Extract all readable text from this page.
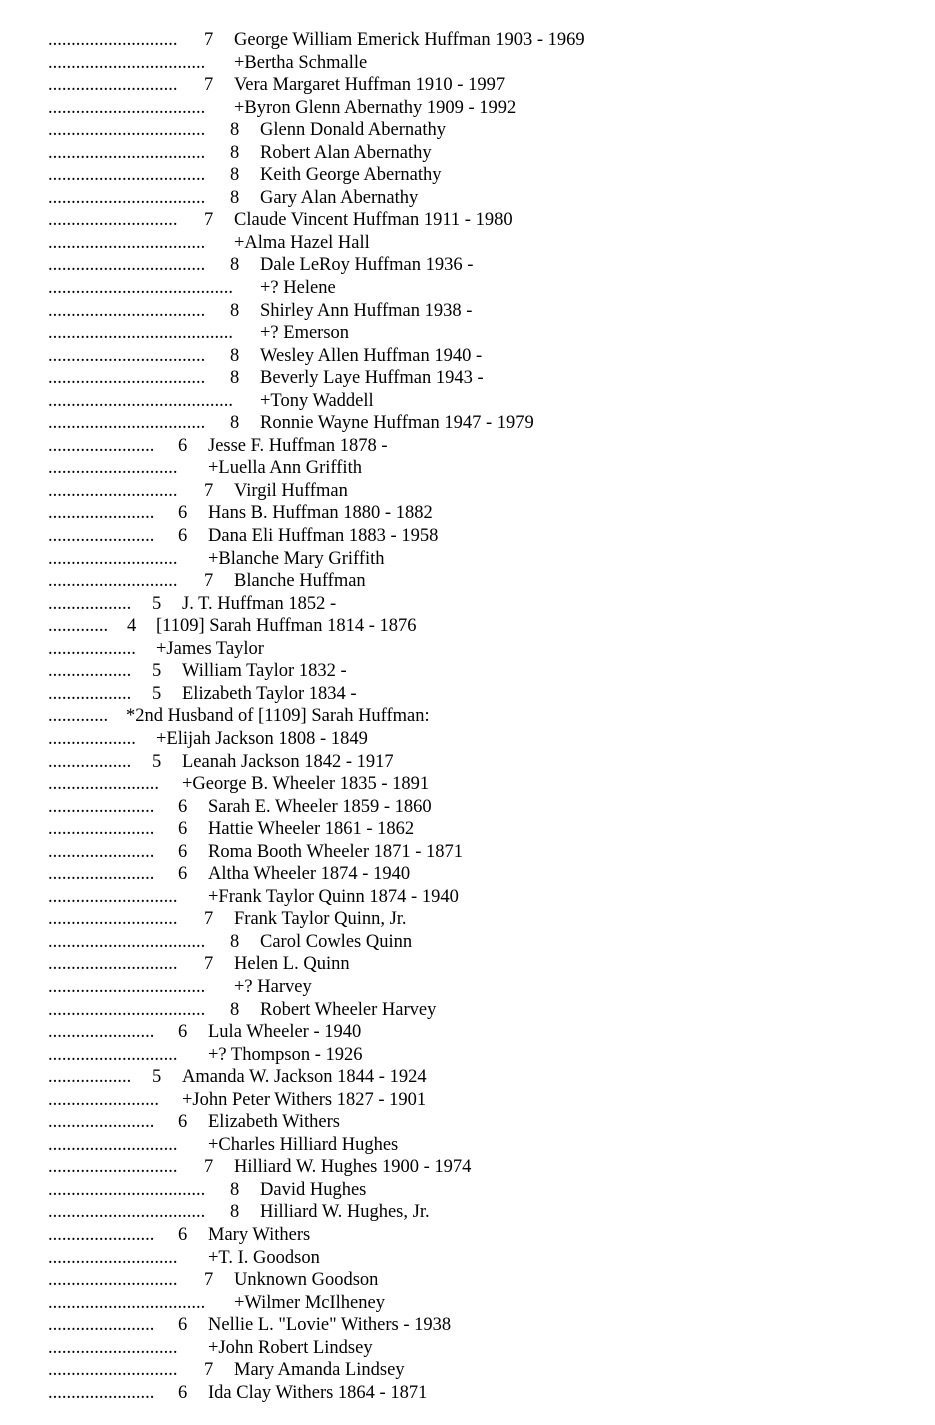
............................ 7 George William Emerick Huffman 1903 - 1969
.................................. +Bertha Schmalle
............................ 7 Vera Margaret Huffman 1910 - 1997
.................................. +Byron Glenn Abernathy 1909 - 1992
.................................. 8 Glenn Donald Abernathy
.................................. 8 Robert Alan Abernathy
.................................. 8 Keith George Abernathy
.................................. 8 Gary Alan Abernathy
............................ 7 Claude Vincent Huffman 1911 - 1980
.................................. +Alma Hazel Hall
.................................. 8 Dale LeRoy Huffman 1936 -
........................................ +? Helene
.................................. 8 Shirley Ann Huffman 1938 -
........................................ +? Emerson
.................................. 8 Wesley Allen Huffman 1940 -
.................................. 8 Beverly Laye Huffman 1943 -
........................................ +Tony Waddell
.................................. 8 Ronnie Wayne Huffman 1947 - 1979
....................... 6 Jesse F. Huffman 1878 -
............................ +Luella Ann Griffith
............................ 7 Virgil Huffman
....................... 6 Hans B. Huffman 1880 - 1882
....................... 6 Dana Eli Huffman 1883 - 1958
............................ +Blanche Mary Griffith
............................ 7 Blanche Huffman
.................. 5 J. T. Huffman 1852 -
............. 4 [1109] Sarah Huffman 1814 - 1876
................... +James Taylor
.................. 5 William Taylor 1832 -
.................. 5 Elizabeth Taylor 1834 -
............. *2nd Husband of [1109] Sarah Huffman:
................... +Elijah Jackson 1808 - 1849
.................. 5 Leanah Jackson 1842 - 1917
........................ +George B. Wheeler 1835 - 1891
....................... 6 Sarah E. Wheeler 1859 - 1860
....................... 6 Hattie Wheeler 1861 - 1862
....................... 6 Roma Booth Wheeler 1871 - 1871
....................... 6 Altha Wheeler 1874 - 1940
............................ +Frank Taylor Quinn 1874 - 1940
............................ 7 Frank Taylor Quinn, Jr.
.................................. 8 Carol Cowles Quinn
............................ 7 Helen L. Quinn
.................................. +? Harvey
.................................. 8 Robert Wheeler Harvey
....................... 6 Lula Wheeler - 1940
............................ +? Thompson - 1926
.................. 5 Amanda W. Jackson 1844 - 1924
........................ +John Peter Withers 1827 - 1901
....................... 6 Elizabeth Withers
............................ +Charles Hilliard Hughes
............................ 7 Hilliard W. Hughes 1900 - 1974
.................................. 8 David Hughes
.................................. 8 Hilliard W. Hughes, Jr.
....................... 6 Mary Withers
............................ +T. I. Goodson
............................ 7 Unknown Goodson
.................................. +Wilmer McIlheney
....................... 6 Nellie L. "Lovie" Withers - 1938
............................ +John Robert Lindsey
............................ 7 Mary Amanda Lindsey
....................... 6 Ida Clay Withers 1864 - 1871
